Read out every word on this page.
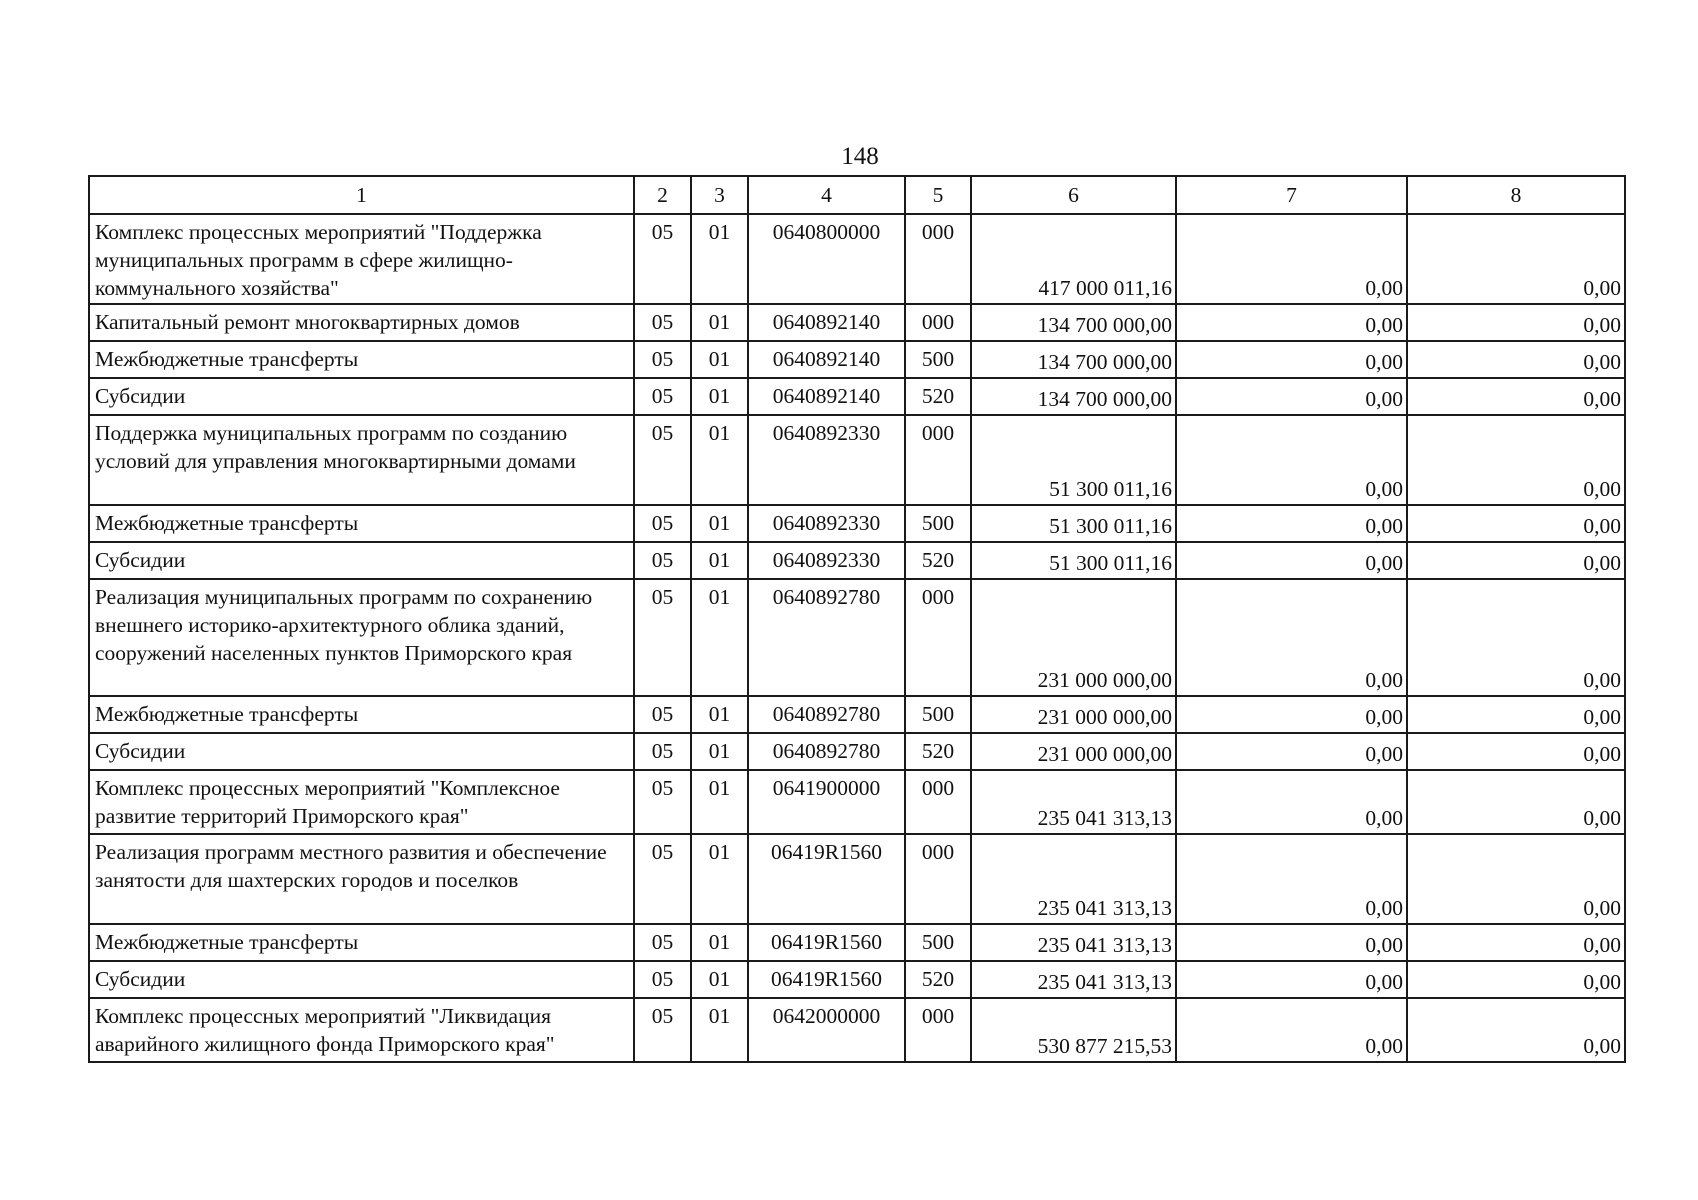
148
1	2	3	4	5	6	7	8
Комплекс процессных мероприятий "Поддержка муниципальных программ в сфере жилищно-коммунального хозяйства"	05	01	0640800000	000	417 000 011,16	0,00	0,00
Капитальный ремонт многоквартирных домов	05	01	0640892140	000	134 700 000,00	0,00	0,00
Межбюджетные трансферты	05	01	0640892140	500	134 700 000,00	0,00	0,00
Субсидии	05	01	0640892140	520	134 700 000,00	0,00	0,00
Поддержка муниципальных программ по созданию условий для управления многоквартирными домами	05	01	0640892330	000	51 300 011,16	0,00	0,00
Межбюджетные трансферты	05	01	0640892330	500	51 300 011,16	0,00	0,00
Субсидии	05	01	0640892330	520	51 300 011,16	0,00	0,00
Реализация муниципальных программ по сохранению внешнего историко-архитектурного облика зданий, сооружений населенных пунктов Приморского края	05	01	0640892780	000	231 000 000,00	0,00	0,00
Межбюджетные трансферты	05	01	0640892780	500	231 000 000,00	0,00	0,00
Субсидии	05	01	0640892780	520	231 000 000,00	0,00	0,00
Комплекс процессных мероприятий "Комплексное развитие территорий Приморского края"	05	01	0641900000	000	235 041 313,13	0,00	0,00
Реализация программ местного развития и обеспечение занятости для шахтерских городов и поселков	05	01	06419R1560	000	235 041 313,13	0,00	0,00
Межбюджетные трансферты	05	01	06419R1560	500	235 041 313,13	0,00	0,00
Субсидии	05	01	06419R1560	520	235 041 313,13	0,00	0,00
Комплекс процессных мероприятий "Ликвидация аварийного жилищного фонда Приморского края"	05	01	0642000000	000	530 877 215,53	0,00	0,00
